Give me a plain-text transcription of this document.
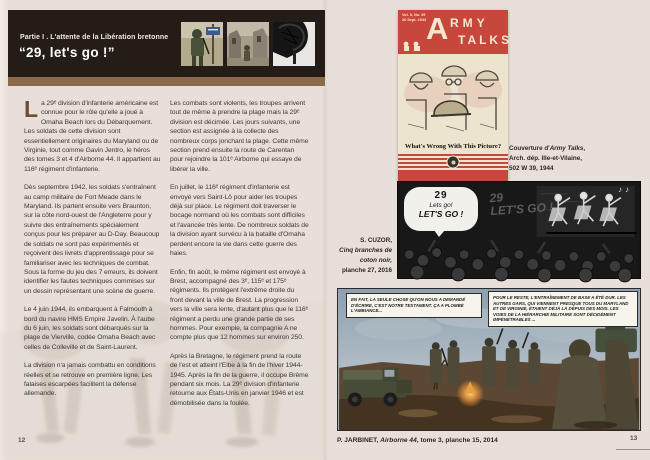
Partie I . L'attente de la Libération bretonne
“29, let's go !”

La 29ᵉ division d'infanterie américaine est connue pour le rôle qu'elle a joué à Omaha Beach lors du Débarquement. Les soldats de cette division sont essentiellement originaires du Maryland ou de Virginie, tout comme Gavin Jentro, le héros des tomes 3 et 4 d'Airborne 44. Il appartient au 116ᵉ régiment d'infanterie.

Dès septembre 1942, les soldats s'entraînent au camp militaire de Fort Meade dans le Maryland. Ils partent ensuite vers Braunton, sur la côte nord-ouest de l'Angleterre pour y suivre des entraînements spécialement conçus pour les préparer au D-Day. Beaucoup de soldats ne sont pas expérimentés et reçoivent des livrets d'apprentissage pour se familiariser avec les techniques de combat. Sous la forme du jeu des 7 erreurs, ils doivent identifier les fautes techniques commises sur un dessin représentant une scène de guerre.

Le 4 juin 1944, ils embarquent à Falmouth à bord du navire HMS Empire Javelin. À l'aube du 6 juin, les soldats sont débarqués sur la plage de Vierville, codée Omaha Beach avec celles de Colleville et de Saint-Laurent.

La division n'a jamais combattu en conditions réelles et se retrouve en première ligne. Les falaises escarpées facilitent la défense allemande.

Les combats sont violents, les troupes arrivent tout de même à prendre la plage mais la 29ᵉ division est décimée. Les jours suivants, une section est assignée à la collecte des nombreux corps jonchant la plage. Cette même section prend ensuite la route de Carentan pour rejoindre la 101ᵉ Airborne qui essaye de libérer la ville.

En juillet, le 116ᵉ régiment d'infanterie est envoyé vers Saint-Lô pour aider les troupes déjà sur place. Le régiment doit traverser le bocage normand où les combats sont difficiles et l'avancée très lente. De nombreux soldats de la division ayant survécu à la bataille d'Omaha perdent encore la vie dans cette guerre des haies.

Enfin, fin août, le même régiment est envoyé à Brest, accompagné des 3ᵉ, 115ᵉ et 175ᵉ régiments. Ils protègent l'extrême droite du front devant la ville de Brest. La progression vers la ville sera lente, d'autant plus que le 116ᵉ régiment a perdu une grande partie de ses hommes. Pour exemple, la compagnie A ne compte plus que 12 hommes sur environ 250.

Après la Bretagne, le régiment prend la route de l'est et atteint l'Elbe à la fin de l'hiver 1944-1945. Après la fin de la guerre, il occupe Brême pendant six mois. La 29ᵉ division d'infanterie retourne aux États-Unis en janvier 1946 et est démobilisée dans la foulée.

12
Vol. II, No. 39
26 Sept. 1944 A RMY
TALKS
What's Wrong With This Picture?	Couverture d'Army Talks,
Arch. dép. Ille-et-Vilaine,
502 W 39, 1944
S. CUZOR,
Cinq branches de
coton noir,
planche 27, 2016
29
LET'S GO !
29
Lets go!
LET'S GO !
♪♪
EN FAIT, LA SEULE CHOSE QU'ON NOUS A DEMANDÉ D'ÉCRIRE, C'EST NOTRE TESTAMENT. ÇA A PLOMBÉ L'AMBIANCE...
POUR LE RESTE, L'ENTRAÎNEMENT DE BASE A ÉTÉ DUR. LES AUTRES GARS, QUI VIENNENT PRESQUE TOUS DU MARYLAND ET DE VIRGINIE, ÉTAIENT DÉJÀ LÀ DEPUIS DES MOIS. LES VOIES DE LA HIÉRARCHIE MILITAIRE SONT DÉCIDÉMENT IMPÉNÉTRABLES ...
P. JARBINET, Airborne 44, tome 3, planche 15, 2014	13
